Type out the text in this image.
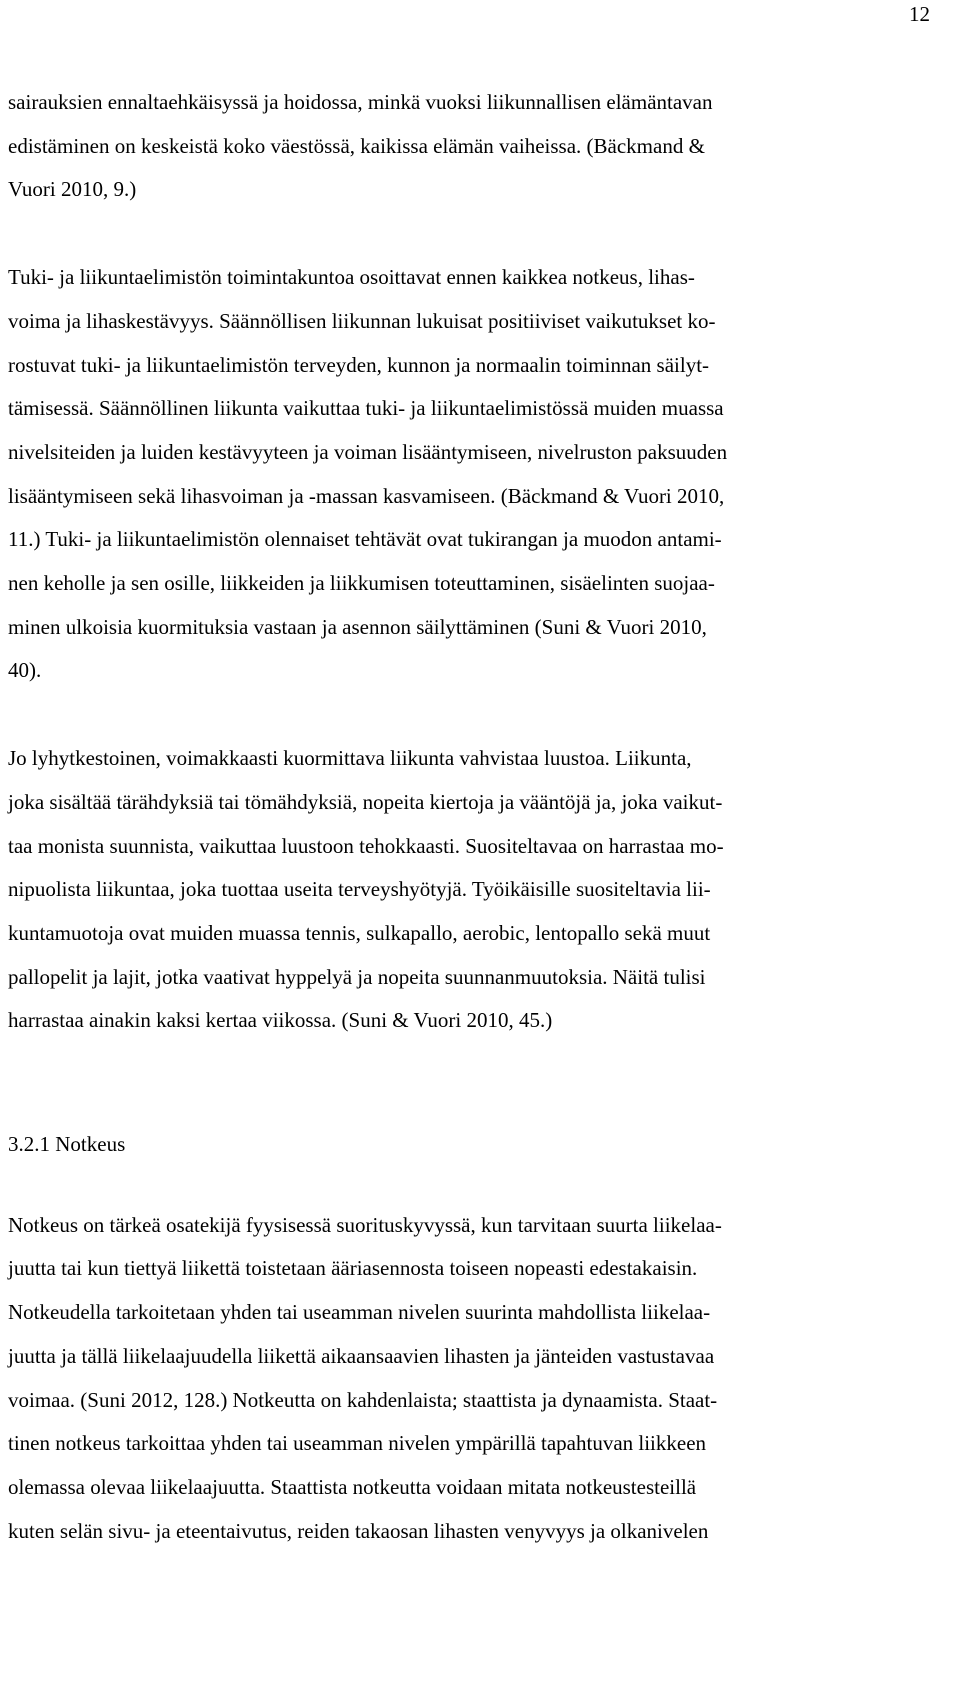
12

sairauksien ennaltaehkäisyssä ja hoidossa, minkä vuoksi liikunnallisen elämäntavan
edistäminen on keskeistä koko väestössä, kaikissa elämän vaiheissa. (Bäckmand &
Vuori 2010, 9.)

Tuki- ja liikuntaelimistön toimintakuntoa osoittavat ennen kaikkea notkeus, lihas-
voima ja lihaskestävyys. Säännöllisen liikunnan lukuisat positiiviset vaikutukset ko-
rostuvat tuki- ja liikuntaelimistön terveyden, kunnon ja normaalin toiminnan säilyt-
tämisessä. Säännöllinen liikunta vaikuttaa tuki- ja liikuntaelimistössä muiden muassa
nivelsiteiden ja luiden kestävyyteen ja voiman lisääntymiseen, nivelruston paksuuden
lisääntymiseen sekä lihasvoiman ja -massan kasvamiseen. (Bäckmand & Vuori 2010,
11.) Tuki- ja liikuntaelimistön olennaiset tehtävät ovat tukirangan ja muodon antami-
nen keholle ja sen osille, liikkeiden ja liikkumisen toteuttaminen, sisäelinten suojaa-
minen ulkoisia kuormituksia vastaan ja asennon säilyttäminen (Suni & Vuori 2010,
40).

Jo lyhytkestoinen, voimakkaasti kuormittava liikunta vahvistaa luustoa. Liikunta,
joka sisältää tärähdyksiä tai tömähdyksiä, nopeita kiertoja ja vääntöjä ja, joka vaikut-
taa monista suunnista, vaikuttaa luustoon tehokkaasti. Suositeltavaa on harrastaa mo-
nipuolista liikuntaa, joka tuottaa useita terveyshyötyjä. Työikäisille suositeltavia lii-
kuntamuotoja ovat muiden muassa tennis, sulkapallo, aerobic, lentopallo sekä muut
pallopelit ja lajit, jotka vaativat hyppelyä ja nopeita suunnanmuutoksia. Näitä tulisi
harrastaa ainakin kaksi kertaa viikossa. (Suni & Vuori 2010, 45.)

3.2.1 Notkeus

Notkeus on tärkeä osatekijä fyysisessä suorituskyvyssä, kun tarvitaan suurta liikelaa-
juutta tai kun tiettyä liikettä toistetaan ääriasennosta toiseen nopeasti edestakaisin.
Notkeudella tarkoitetaan yhden tai useamman nivelen suurinta mahdollista liikelaa-
juutta ja tällä liikelaajuudella liikettä aikaansaavien lihasten ja jänteiden vastustavaa
voimaa. (Suni 2012, 128.) Notkeutta on kahdenlaista; staattista ja dynaamista. Staat-
tinen notkeus tarkoittaa yhden tai useamman nivelen ympärillä tapahtuvan liikkeen
olemassa olevaa liikelaajuutta. Staattista notkeutta voidaan mitata notkeustesteillä
kuten selän sivu- ja eteentaivutus, reiden takaosan lihasten venyvyys ja olkanivelen
